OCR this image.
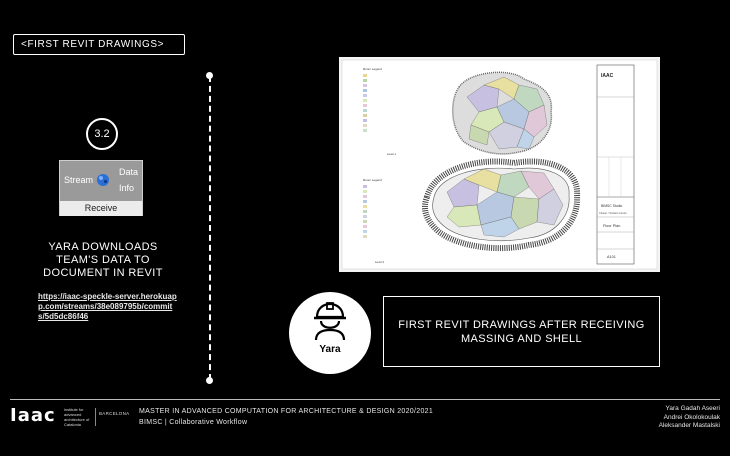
<FIRST REVIT DRAWINGS>
3.2
Stream
Data
Info
Receive
YARA DOWNLOADS TEAM'S DATA TO DOCUMENT IN REVIT
https://iaac-speckle-server.herokuapp.com/streams/38e089795b/commits/5d5dc86f46
IAAC
BIMSC Studio
Cluster / Student Centre
Floor Plan
A101
Room Legend
Level 1
Room Legend
Level 2
Yara
FIRST REVIT DRAWINGS AFTER RECEIVING MASSING AND SHELL
Iaac institute for advanced architecture of Catalonia
BARCELONA MASTER IN ADVANCED COMPUTATION FOR ARCHITECTURE & DESIGN 2020/2021
BIMSC | Collaborative Workflow
Yara Gadah Aseeri
Andrei Okolokoulak
Aleksander Mastalski
